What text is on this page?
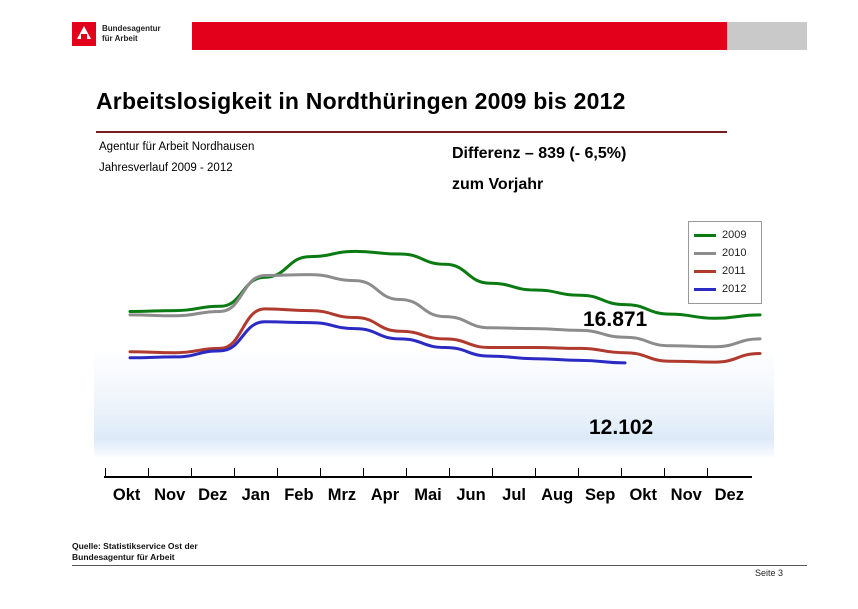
Bundesagentur
für Arbeit
Arbeitslosigkeit in Nordthüringen 2009 bis 2012
Agentur für Arbeit Nordhausen
Jahresverlauf 2009 - 2012
Differenz – 839 (- 6,5%)
zum Vorjahr
2009
2010
2011
2012
16.871
12.102
Okt Nov Dez Jan Feb Mrz Apr Mai Jun Jul Aug Sep Okt Nov Dez
Quelle: Statistikservice Ost der
Bundesagentur für Arbeit
Seite 3
